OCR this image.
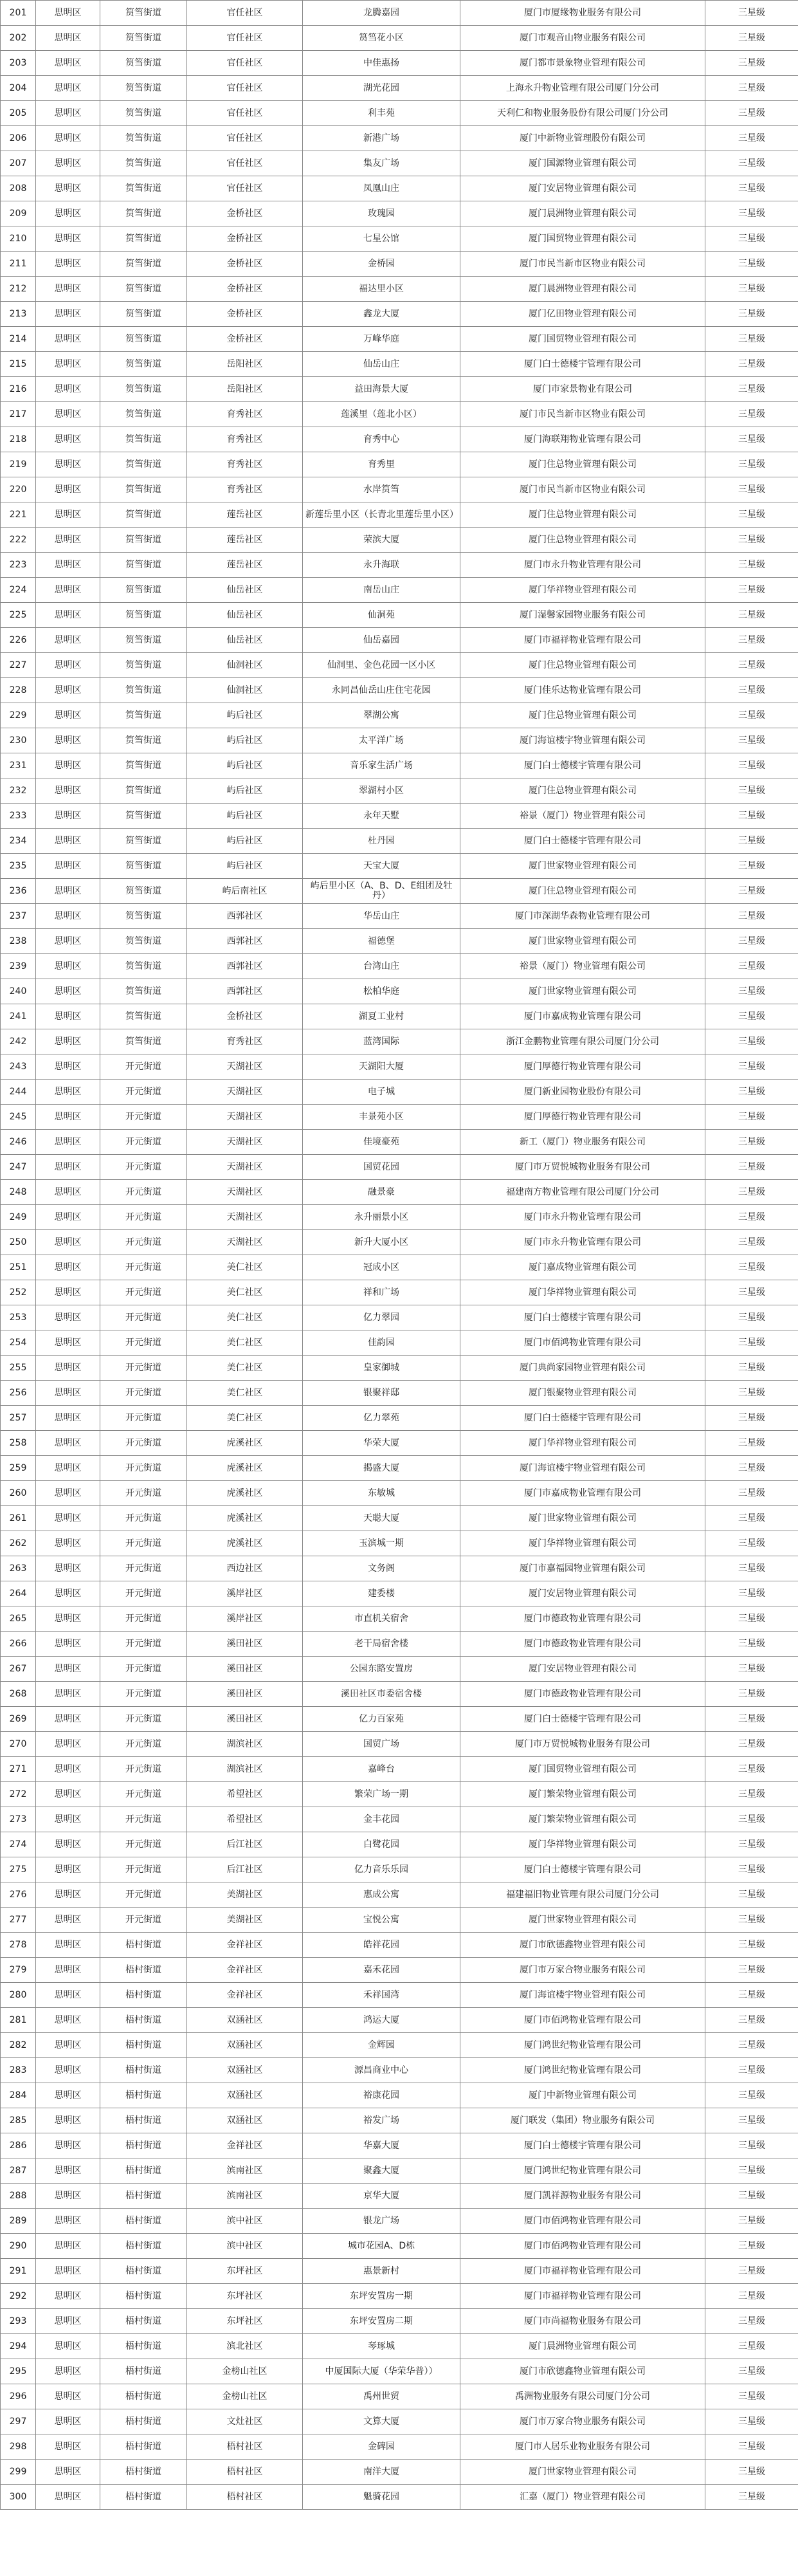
201	思明区	筼筜街道	官任社区	龙腾嘉园	厦门市厦缘物业服务有限公司	三星级
202	思明区	筼筜街道	官任社区	筼筜花小区	厦门市观音山物业服务有限公司	三星级
203	思明区	筼筜街道	官任社区	中佳惠扬	厦门都市景象物业管理有限公司	三星级
204	思明区	筼筜街道	官任社区	湖光花园	上海永升物业管理有限公司厦门分公司	三星级
205	思明区	筼筜街道	官任社区	利丰苑	天利仁和物业服务股份有限公司厦门分公司	三星级
206	思明区	筼筜街道	官任社区	新港广场	厦门中新物业管理股份有限公司	三星级
207	思明区	筼筜街道	官任社区	集友广场	厦门国源物业管理有限公司	三星级
208	思明区	筼筜街道	官任社区	凤凰山庄	厦门安居物业管理有限公司	三星级
209	思明区	筼筜街道	金桥社区	玫瑰园	厦门晨洲物业管理有限公司	三星级
210	思明区	筼筜街道	金桥社区	七星公馆	厦门国贸物业管理有限公司	三星级
211	思明区	筼筜街道	金桥社区	金桥园	厦门市民当新市区物业有限公司	三星级
212	思明区	筼筜街道	金桥社区	福达里小区	厦门晨洲物业管理有限公司	三星级
213	思明区	筼筜街道	金桥社区	鑫龙大厦	厦门亿田物业管理有限公司	三星级
214	思明区	筼筜街道	金桥社区	万峰华庭	厦门国贸物业管理有限公司	三星级
215	思明区	筼筜街道	岳阳社区	仙岳山庄	厦门白士德楼宇管理有限公司	三星级
216	思明区	筼筜街道	岳阳社区	益田海景大厦	厦门市家景物业有限公司	三星级
217	思明区	筼筜街道	育秀社区	莲溪里（莲北小区）	厦门市民当新市区物业有限公司	三星级
218	思明区	筼筜街道	育秀社区	育秀中心	厦门海联翔物业管理有限公司	三星级
219	思明区	筼筜街道	育秀社区	育秀里	厦门住总物业管理有限公司	三星级
220	思明区	筼筜街道	育秀社区	水岸筼筜	厦门市民当新市区物业有限公司	三星级
221	思明区	筼筜街道	莲岳社区	新莲岳里小区（长青北里莲岳里小区）	厦门住总物业管理有限公司	三星级
222	思明区	筼筜街道	莲岳社区	荣滨大厦	厦门住总物业管理有限公司	三星级
223	思明区	筼筜街道	莲岳社区	永升海联	厦门市永升物业管理有限公司	三星级
224	思明区	筼筜街道	仙岳社区	南岳山庄	厦门华祥物业管理有限公司	三星级
225	思明区	筼筜街道	仙岳社区	仙洞苑	厦门湿馨家园物业服务有限公司	三星级
226	思明区	筼筜街道	仙岳社区	仙岳嘉园	厦门市福祥物业管理有限公司	三星级
227	思明区	筼筜街道	仙洞社区	仙洞里、金色花园一区小区	厦门住总物业管理有限公司	三星级
228	思明区	筼筜街道	仙洞社区	永同昌仙岳山庄住宅花园	厦门佳乐达物业管理有限公司	三星级
229	思明区	筼筜街道	屿后社区	翠湖公寓	厦门住总物业管理有限公司	三星级
230	思明区	筼筜街道	屿后社区	太平洋广场	厦门海谊楼宇物业管理有限公司	三星级
231	思明区	筼筜街道	屿后社区	音乐家生活广场	厦门白士德楼宇管理有限公司	三星级
232	思明区	筼筜街道	屿后社区	翠湖村小区	厦门住总物业管理有限公司	三星级
233	思明区	筼筜街道	屿后社区	永年天墅	裕景（厦门）物业管理有限公司	三星级
234	思明区	筼筜街道	屿后社区	杜丹园	厦门白士德楼宇管理有限公司	三星级
235	思明区	筼筜街道	屿后社区	天宝大厦	厦门世家物业管理有限公司	三星级
236	思明区	筼筜街道	屿后南社区	屿后里小区（A、B、D、E组团及牡丹）	厦门住总物业管理有限公司	三星级
237	思明区	筼筜街道	西郭社区	华岳山庄	厦门市深湖华森物业管理有限公司	三星级
238	思明区	筼筜街道	西郭社区	福德堡	厦门世家物业管理有限公司	三星级
239	思明区	筼筜街道	西郭社区	台湾山庄	裕景（厦门）物业管理有限公司	三星级
240	思明区	筼筜街道	西郭社区	松柏华庭	厦门世家物业管理有限公司	三星级
241	思明区	筼筜街道	金桥社区	湖夏工业村	厦门市嘉成物业管理有限公司	三星级
242	思明区	筼筜街道	育秀社区	蓝湾国际	浙江金鹏物业管理有限公司厦门分公司	三星级
243	思明区	开元街道	天湖社区	天湖阳大厦	厦门厚德行物业管理有限公司	三星级
244	思明区	开元街道	天湖社区	电子城	厦门新业园物业股份有限公司	三星级
245	思明区	开元街道	天湖社区	丰景苑小区	厦门厚德行物业管理有限公司	三星级
246	思明区	开元街道	天湖社区	佳境豪苑	新工（厦门）物业服务有限公司	三星级
247	思明区	开元街道	天湖社区	国贸花园	厦门市万贸悦城物业服务有限公司	三星级
248	思明区	开元街道	天湖社区	融景豪	福建南方物业管理有限公司厦门分公司	三星级
249	思明区	开元街道	天湖社区	永升丽景小区	厦门市永升物业管理有限公司	三星级
250	思明区	开元街道	天湖社区	新升大厦小区	厦门市永升物业管理有限公司	三星级
251	思明区	开元街道	美仁社区	冠成小区	厦门嘉成物业管理有限公司	三星级
252	思明区	开元街道	美仁社区	祥和广场	厦门华祥物业管理有限公司	三星级
253	思明区	开元街道	美仁社区	亿力翠园	厦门白士德楼宇管理有限公司	三星级
254	思明区	开元街道	美仁社区	佳韵园	厦门市佰鸿物业管理有限公司	三星级
255	思明区	开元街道	美仁社区	皇家御城	厦门典尚家园物业管理有限公司	三星级
256	思明区	开元街道	美仁社区	银聚祥邸	厦门银聚物业管理有限公司	三星级
257	思明区	开元街道	美仁社区	亿力翠苑	厦门白士德楼宇管理有限公司	三星级
258	思明区	开元街道	虎溪社区	华荣大厦	厦门华祥物业管理有限公司	三星级
259	思明区	开元街道	虎溪社区	揭盛大厦	厦门海谊楼宇物业管理有限公司	三星级
260	思明区	开元街道	虎溪社区	东敏城	厦门市嘉成物业管理有限公司	三星级
261	思明区	开元街道	虎溪社区	天聪大厦	厦门世家物业管理有限公司	三星级
262	思明区	开元街道	虎溪社区	玉滨城一期	厦门华祥物业管理有限公司	三星级
263	思明区	开元街道	西边社区	文务阁	厦门市嘉福园物业管理有限公司	三星级
264	思明区	开元街道	溪岸社区	建委楼	厦门安居物业管理有限公司	三星级
265	思明区	开元街道	溪岸社区	市直机关宿舍	厦门市德政物业管理有限公司	三星级
266	思明区	开元街道	溪田社区	老干局宿舍楼	厦门市德政物业管理有限公司	三星级
267	思明区	开元街道	溪田社区	公园东路安置房	厦门安居物业管理有限公司	三星级
268	思明区	开元街道	溪田社区	溪田社区市委宿舍楼	厦门市德政物业管理有限公司	三星级
269	思明区	开元街道	溪田社区	亿力百家苑	厦门白士德楼宇管理有限公司	三星级
270	思明区	开元街道	湖滨社区	国贸广场	厦门市万贸悦城物业服务有限公司	三星级
271	思明区	开元街道	湖滨社区	嘉峰台	厦门国贸物业管理有限公司	三星级
272	思明区	开元街道	希望社区	繁荣广场一期	厦门繁荣物业管理有限公司	三星级
273	思明区	开元街道	希望社区	金丰花园	厦门繁荣物业管理有限公司	三星级
274	思明区	开元街道	后江社区	白鹭花园	厦门华祥物业管理有限公司	三星级
275	思明区	开元街道	后江社区	亿力音乐乐园	厦门白士德楼宇管理有限公司	三星级
276	思明区	开元街道	美湖社区	惠成公寓	福建福旧物业管理有限公司厦门分公司	三星级
277	思明区	开元街道	美湖社区	宝悦公寓	厦门世家物业管理有限公司	三星级
278	思明区	梧村街道	金祥社区	皓祥花园	厦门市欣德鑫物业管理有限公司	三星级
279	思明区	梧村街道	金祥社区	嘉禾花园	厦门市万家合物业服务有限公司	三星级
280	思明区	梧村街道	金祥社区	禾祥国湾	厦门海谊楼宇物业管理有限公司	三星级
281	思明区	梧村街道	双涵社区	鸿运大厦	厦门市佰鸿物业管理有限公司	三星级
282	思明区	梧村街道	双涵社区	金辉园	厦门鸿世纪物业管理有限公司	三星级
283	思明区	梧村街道	双涵社区	源昌商业中心	厦门鸿世纪物业管理有限公司	三星级
284	思明区	梧村街道	双涵社区	裕康花园	厦门中新物业管理有限公司	三星级
285	思明区	梧村街道	双涵社区	裕发广场	厦门联发（集团）物业服务有限公司	三星级
286	思明区	梧村街道	金祥社区	华嘉大厦	厦门白士德楼宇管理有限公司	三星级
287	思明区	梧村街道	滨南社区	聚鑫大厦	厦门鸿世纪物业管理有限公司	三星级
288	思明区	梧村街道	滨南社区	京华大厦	厦门凯祥源物业服务有限公司	三星级
289	思明区	梧村街道	滨中社区	银龙广场	厦门市佰鸿物业管理有限公司	三星级
290	思明区	梧村街道	滨中社区	城市花园A、D栋	厦门市佰鸿物业管理有限公司	三星级
291	思明区	梧村街道	东坪社区	惠景新村	厦门市福祥物业管理有限公司	三星级
292	思明区	梧村街道	东坪社区	东坪安置房一期	厦门市福祥物业管理有限公司	三星级
293	思明区	梧村街道	东坪社区	东坪安置房二期	厦门市尚福物业服务有限公司	三星级
294	思明区	梧村街道	滨北社区	琴琢城	厦门晨洲物业管理有限公司	三星级
295	思明区	梧村街道	金榜山社区	中厦国际大厦（华荣华普））	厦门市欣德鑫物业管理有限公司	三星级
296	思明区	梧村街道	金榜山社区	禹州世贸	禹洲物业服务有限公司厦门分公司	三星级
297	思明区	梧村街道	文灶社区	文算大厦	厦门市万家合物业服务有限公司	三星级
298	思明区	梧村街道	梧村社区	金碑园	厦门市人居乐业物业服务有限公司	三星级
299	思明区	梧村街道	梧村社区	南洋大厦	厦门世家物业管理有限公司	三星级
300	思明区	梧村街道	梧村社区	魁骑花园	汇嘉（厦门）物业管理有限公司	三星级
